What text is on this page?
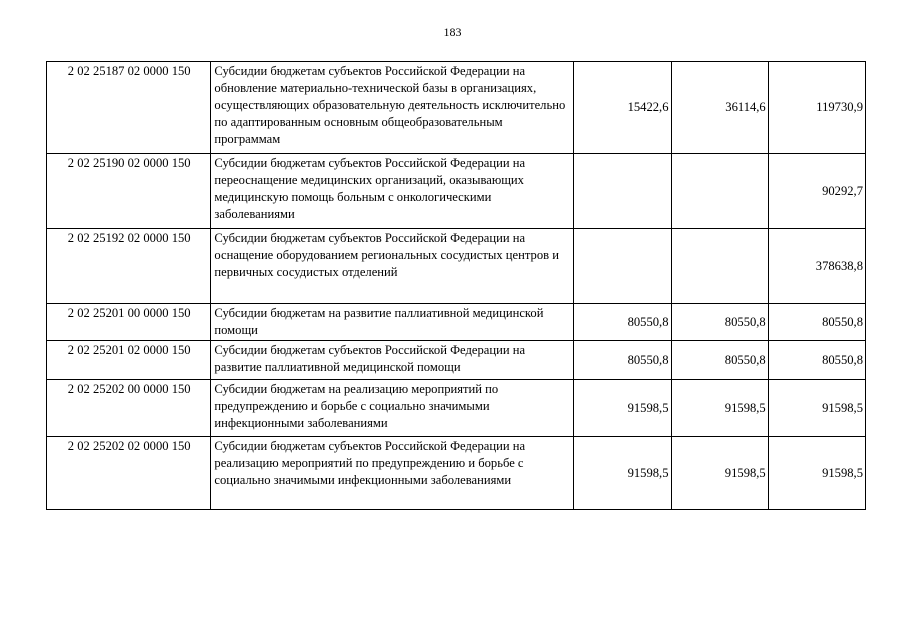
183
2 02 25187 02 0000 150	Субсидии бюджетам субъектов Российской Федерации на обновление материально-технической базы в организациях, осуществляющих образовательную деятельность исключительно по адаптированным основным общеобразовательным программам	15422,6	36114,6	119730,9
2 02 25190 02 0000 150	Субсидии бюджетам субъектов Российской Федерации на переоснащение медицинских организаций, оказывающих медицинскую помощь больным с онкологическими заболеваниями			90292,7
2 02 25192 02 0000 150	Субсидии бюджетам субъектов Российской Федерации на оснащение оборудованием региональных сосудистых центров и первичных сосудистых отделений			378638,8
2 02 25201 00 0000 150	Субсидии бюджетам на развитие паллиативной медицинской помощи	80550,8	80550,8	80550,8
2 02 25201 02 0000 150	Субсидии бюджетам субъектов Российской Федерации на развитие паллиативной медицинской помощи	80550,8	80550,8	80550,8
2 02 25202 00 0000 150	Субсидии бюджетам на реализацию мероприятий по предупреждению и борьбе с социально значимыми инфекционными заболеваниями	91598,5	91598,5	91598,5
2 02 25202 02 0000 150	Субсидии бюджетам субъектов Российской Федерации на реализацию мероприятий по предупреждению и борьбе с социально значимыми инфекционными заболеваниями	91598,5	91598,5	91598,5
